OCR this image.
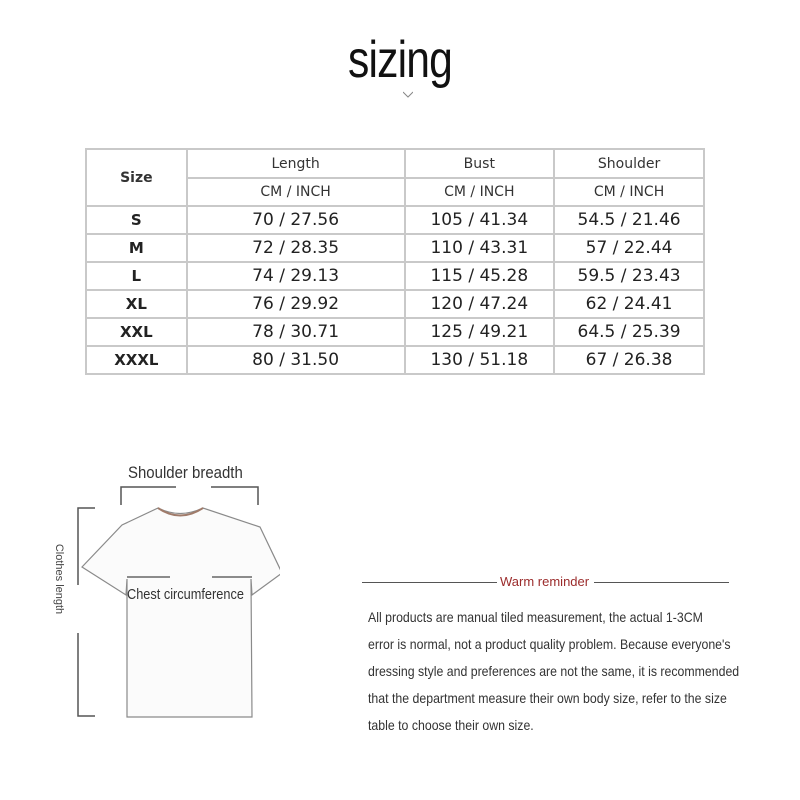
sizing
Size	Length	Bust	Shoulder
	CM / INCH	CM / INCH	CM / INCH
S	70 / 27.56	105 / 41.34	54.5 / 21.46
M	72 / 28.35	110 / 43.31	57 / 22.44
L	74 / 29.13	115 / 45.28	59.5 / 23.43
XL	76 / 29.92	120 / 47.24	62 / 24.41
XXL	78 / 30.71	125 / 49.21	64.5 / 25.39
XXXL	80 / 31.50	130 / 51.18	67 / 26.38
Shoulder breadth
Chest circumference
Clothes length	Warm reminder

All products are manual tiled measurement, the actual 1-3CM

error is normal, not a product quality problem. Because everyone's

dressing style and preferences are not the same, it is recommended

that the department measure their own body size, refer to the size

table to choose their own size.
